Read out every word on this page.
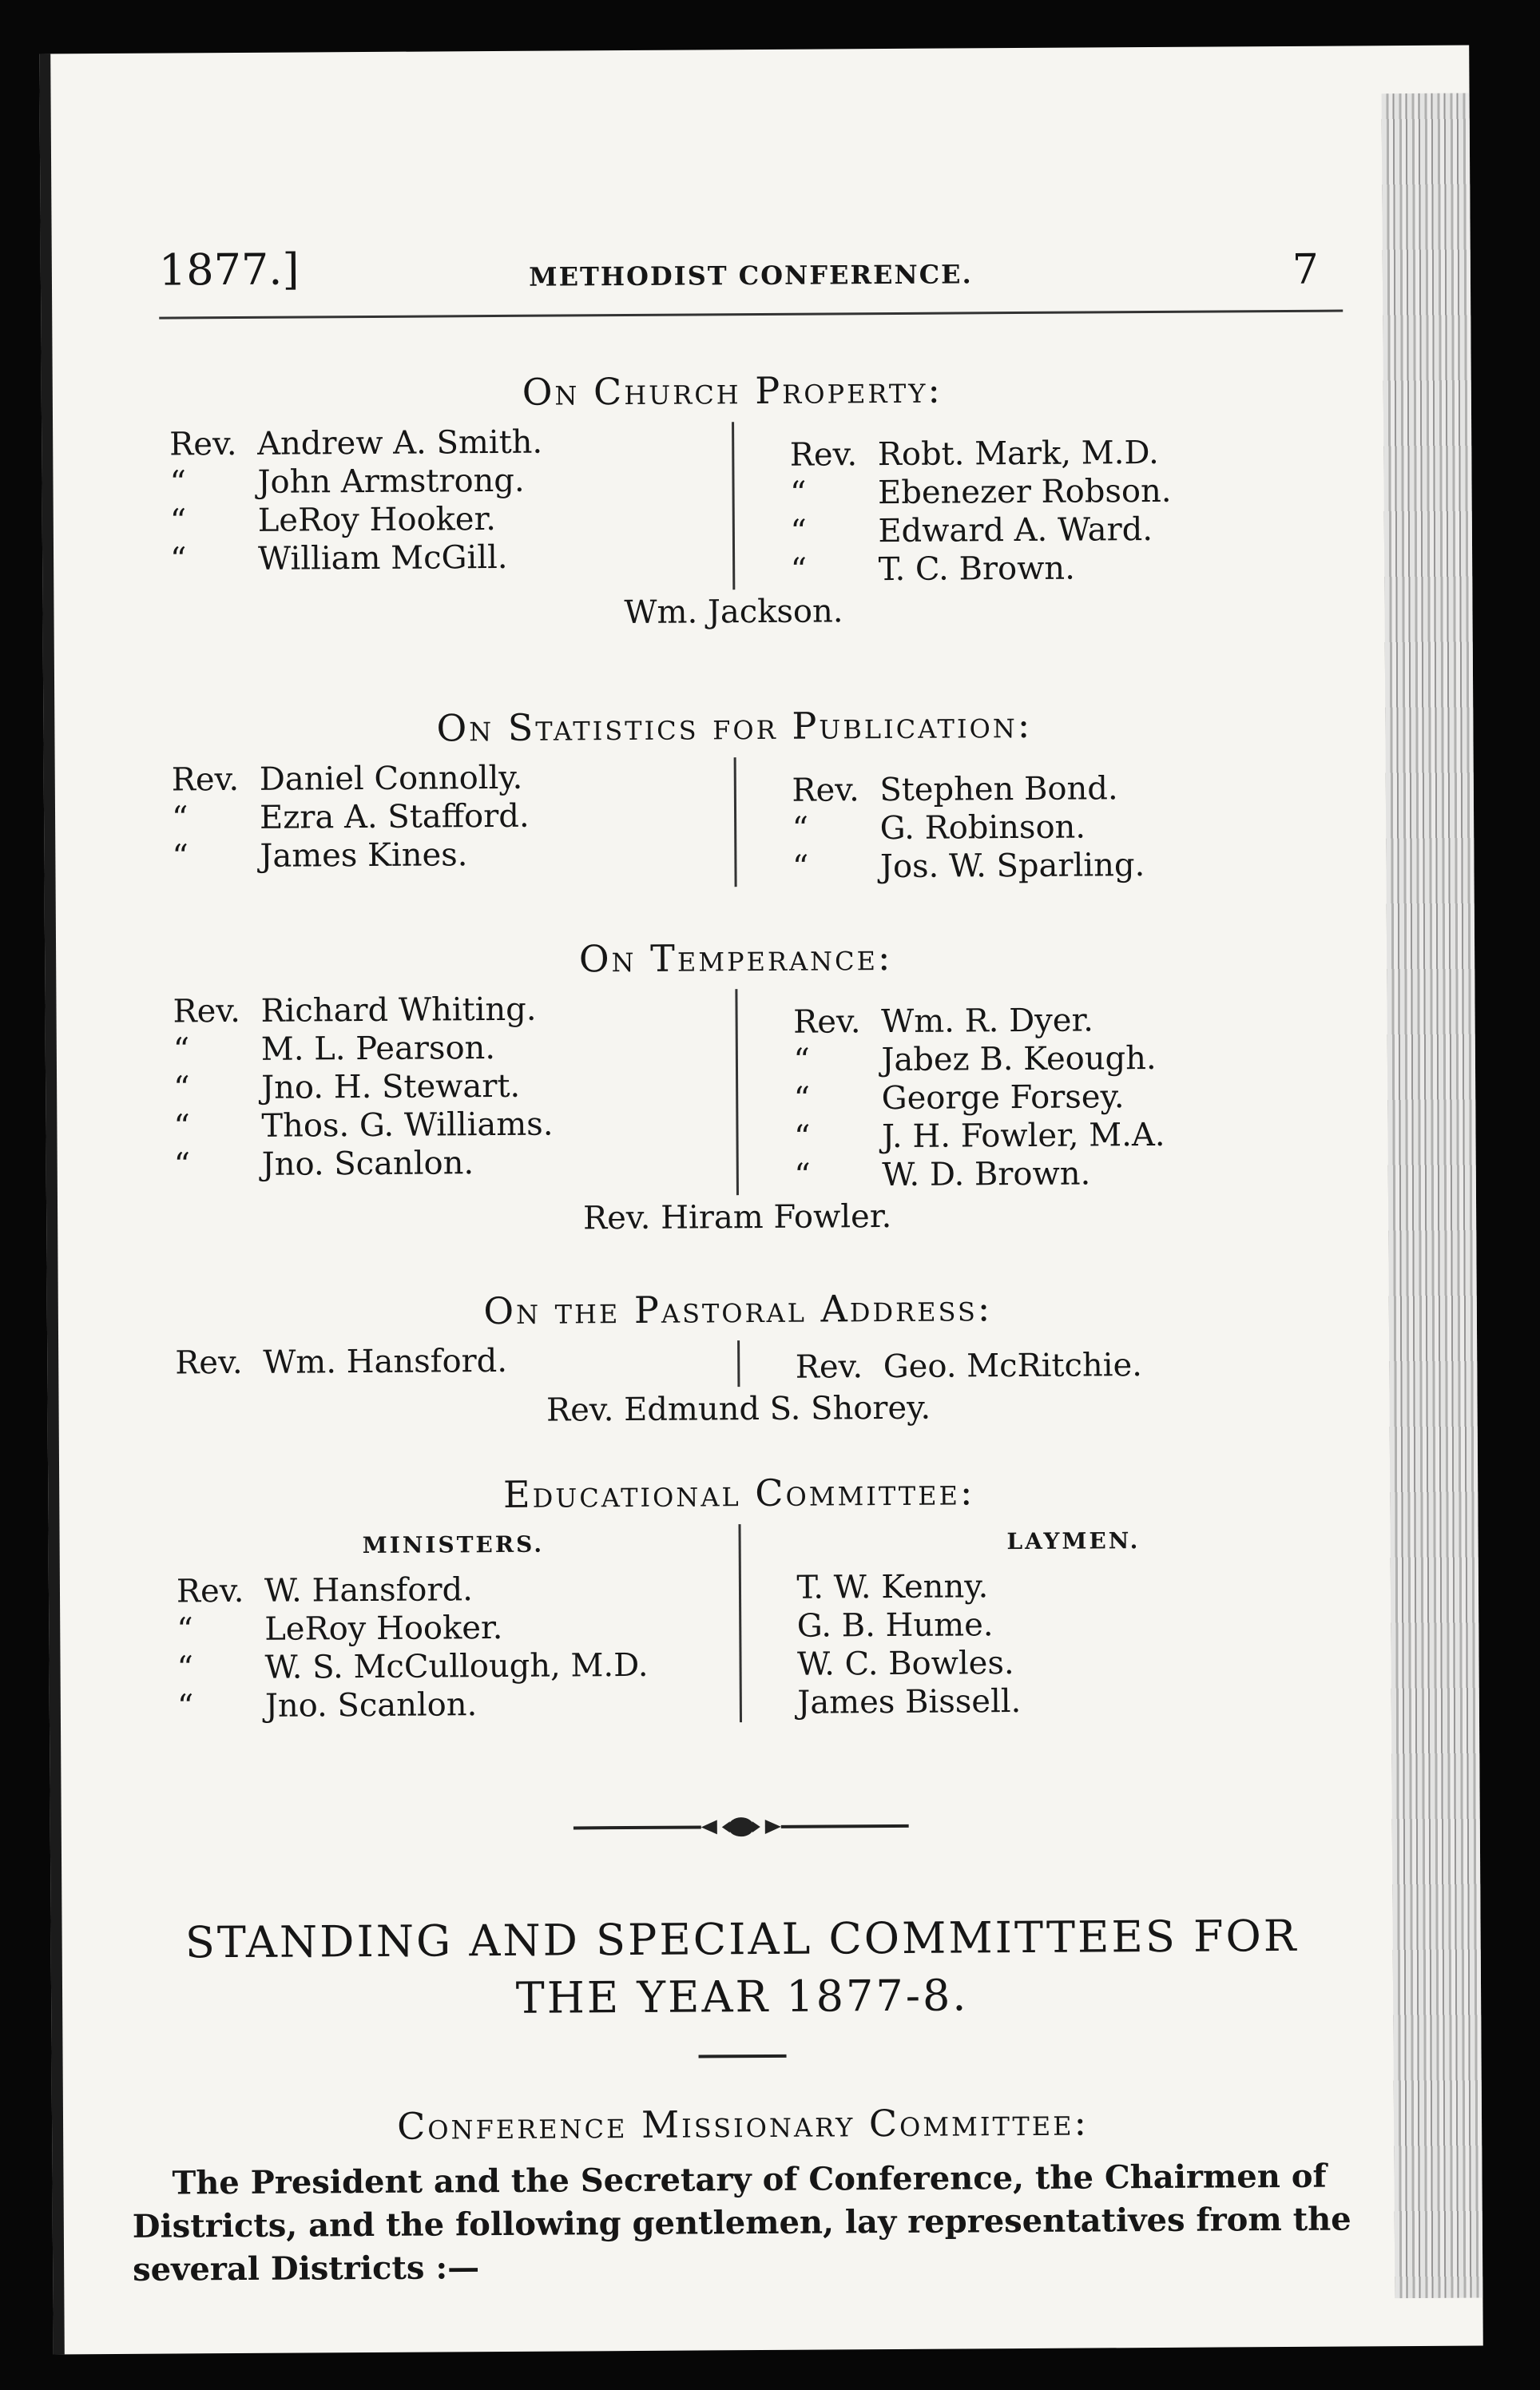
1877.]	METHODIST CONFERENCE.	7
On Church Property:
Rev. Andrew A. Smith.
“ John Armstrong.
“ LeRoy Hooker.
“ William McGill.
Rev. Robt. Mark, M.D.
“ Ebenezer Robson.
“ Edward A. Ward.
“ T. C. Brown.
Wm. Jackson.
On Statistics for Publication:
Rev. Daniel Connolly.
“ Ezra A. Stafford.
“ James Kines.
Rev. Stephen Bond.
“ G. Robinson.
“ Jos. W. Sparling.
On Temperance:
Rev. Richard Whiting.
“ M. L. Pearson.
“ Jno. H. Stewart.
“ Thos. G. Williams.
“ Jno. Scanlon.
Rev. Wm. R. Dyer.
“ Jabez B. Keough.
“ George Forsey.
“ J. H. Fowler, M.A.
“ W. D. Brown.
Rev. Hiram Fowler.
On the Pastoral Address:
Rev. Wm. Hansford.	Rev. Geo. McRitchie.
Rev. Edmund S. Shorey.
Educational Committee:
MINISTERS.
Rev. W. Hansford.
“ LeRoy Hooker.
“ W. S. McCullough, M.D.
“ Jno. Scanlon.
LAYMEN.
T. W. Kenny.
G. B. Hume.
W. C. Bowles.
James Bissell.
STANDING AND SPECIAL COMMITTEES FOR
THE YEAR 1877-8.
Conference Missionary Committee:
The President and the Secretary of Conference, the Chairmen of Districts, and the following gentlemen, lay representatives from the several Districts :—
